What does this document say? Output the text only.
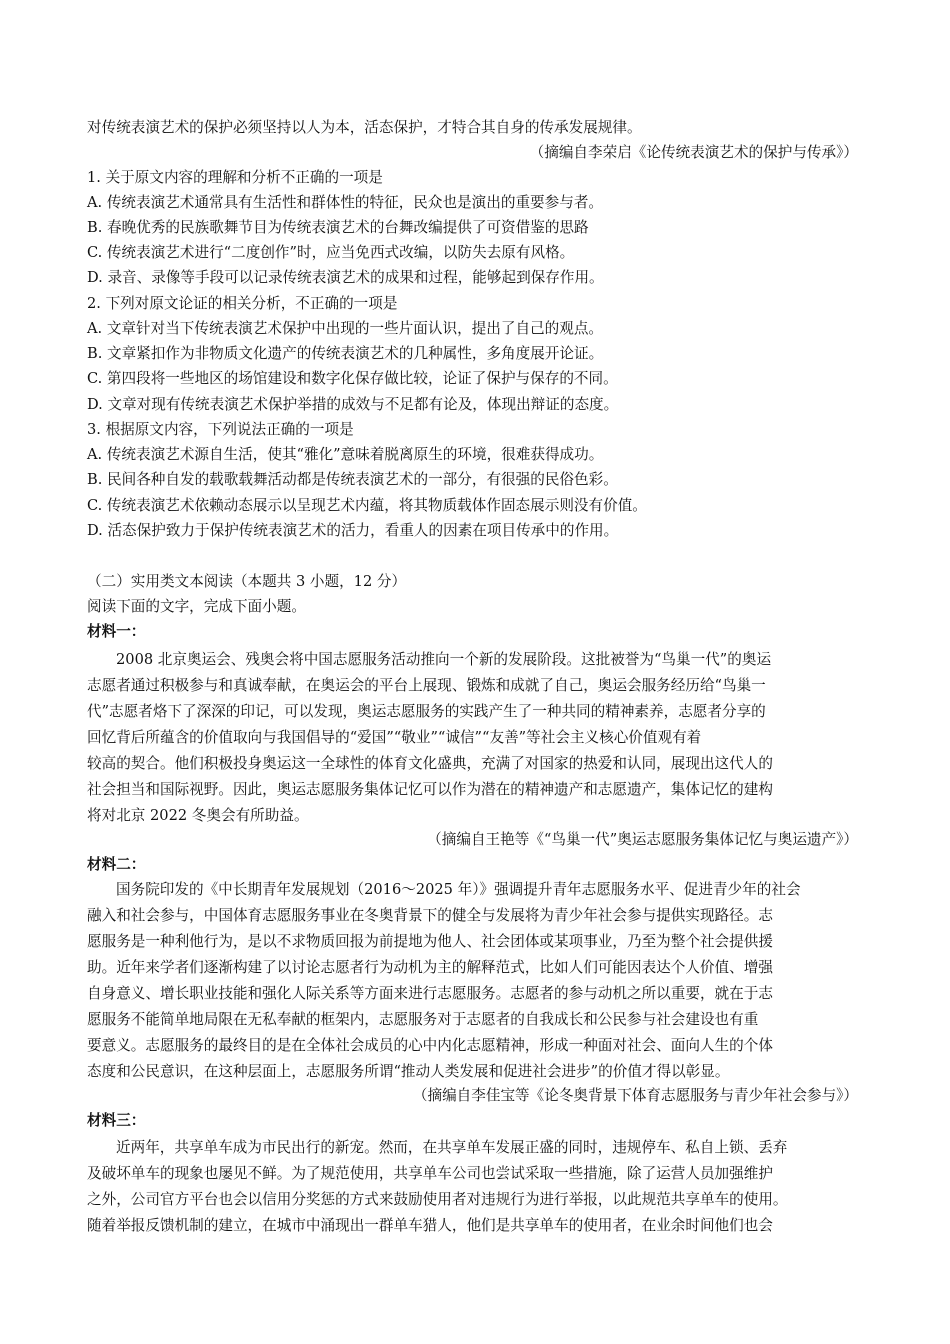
对传统表演艺术的保护必须坚持以人为本，活态保护，才特合其自身的传承发展规律。
（摘编自李荣启《论传统表演艺术的保护与传承》）
1. 关于原文内容的理解和分析不正确的一项是
A. 传统表演艺术通常具有生活性和群体性的特征，民众也是演出的重要参与者。
B. 春晚优秀的民族歌舞节目为传统表演艺术的台舞改编提供了可资借鉴的思路
C. 传统表演艺术进行“二度创作”时，应当免西式改编，以防失去原有风格。
D. 录音、录像等手段可以记录传统表演艺术的成果和过程，能够起到保存作用。
2. 下列对原文论证的相关分析，不正确的一项是
A. 文章针对当下传统表演艺术保护中出现的一些片面认识，提出了自己的观点。
B. 文章紧扣作为非物质文化遗产的传统表演艺术的几种属性，多角度展开论证。
C. 第四段将一些地区的场馆建设和数字化保存做比较，论证了保护与保存的不同。
D. 文章对现有传统表演艺术保护举措的成效与不足都有论及，体现出辩证的态度。
3. 根据原文内容，下列说法正确的一项是
A. 传统表演艺术源自生活，使其“雅化”意味着脱离原生的环境，很难获得成功。
B. 民间各种自发的载歌载舞活动都是传统表演艺术的一部分，有很强的民俗色彩。
C. 传统表演艺术依赖动态展示以呈现艺术内蕴，将其物质载体作固态展示则没有价值。
D. 活态保护致力于保护传统表演艺术的活力，看重人的因素在项目传承中的作用。
（二）实用类文本阅读（本题共 3 小题，12 分）
阅读下面的文字，完成下面小题。
材料一：
2008 北京奥运会、残奥会将中国志愿服务活动推向一个新的发展阶段。这批被誉为“鸟巢一代”的奥运
志愿者通过积极参与和真诚奉献，在奥运会的平台上展现、锻炼和成就了自己，奥运会服务经历给“鸟巢一
代”志愿者烙下了深深的印记，可以发现，奥运志愿服务的实践产生了一种共同的精神素养，志愿者分享的
回忆背后所蕴含的价值取向与我国倡导的“爱国”“敬业”“诚信”“友善”等社会主义核心价值观有着
较高的契合。他们积极投身奥运这一全球性的体育文化盛典，充满了对国家的热爱和认同，展现出这代人的
社会担当和国际视野。因此，奥运志愿服务集体记忆可以作为潜在的精神遗产和志愿遗产，集体记忆的建构
将对北京 2022 冬奥会有所助益。
（摘编自王艳等《“鸟巢一代”奥运志愿服务集体记忆与奥运遗产》）
材料二：
国务院印发的《中长期青年发展规划（2016～2025 年）》强调提升青年志愿服务水平、促进青少年的社会
融入和社会参与，中国体育志愿服务事业在冬奥背景下的健全与发展将为青少年社会参与提供实现路径。志
愿服务是一种利他行为，是以不求物质回报为前提地为他人、社会团体或某项事业，乃至为整个社会提供援
助。近年来学者们逐渐构建了以讨论志愿者行为动机为主的解释范式，比如人们可能因表达个人价值、增强
自身意义、增长职业技能和强化人际关系等方面来进行志愿服务。志愿者的参与动机之所以重要，就在于志
愿服务不能简单地局限在无私奉献的框架内，志愿服务对于志愿者的自我成长和公民参与社会建设也有重
要意义。志愿服务的最终目的是在全体社会成员的心中内化志愿精神，形成一种面对社会、面向人生的个体
态度和公民意识，在这种层面上，志愿服务所谓“推动人类发展和促进社会进步”的价值才得以彰显。
（摘编自李佳宝等《论冬奥背景下体育志愿服务与青少年社会参与》）
材料三：
近两年，共享单车成为市民出行的新宠。然而，在共享单车发展正盛的同时，违规停车、私自上锁、丢弃
及破坏单车的现象也屡见不鲜。为了规范使用，共享单车公司也尝试采取一些措施，除了运营人员加强维护
之外，公司官方平台也会以信用分奖惩的方式来鼓励使用者对违规行为进行举报，以此规范共享单车的使用。
随着举报反馈机制的建立，在城市中涌现出一群单车猎人，他们是共享单车的使用者，在业余时间他们也会
